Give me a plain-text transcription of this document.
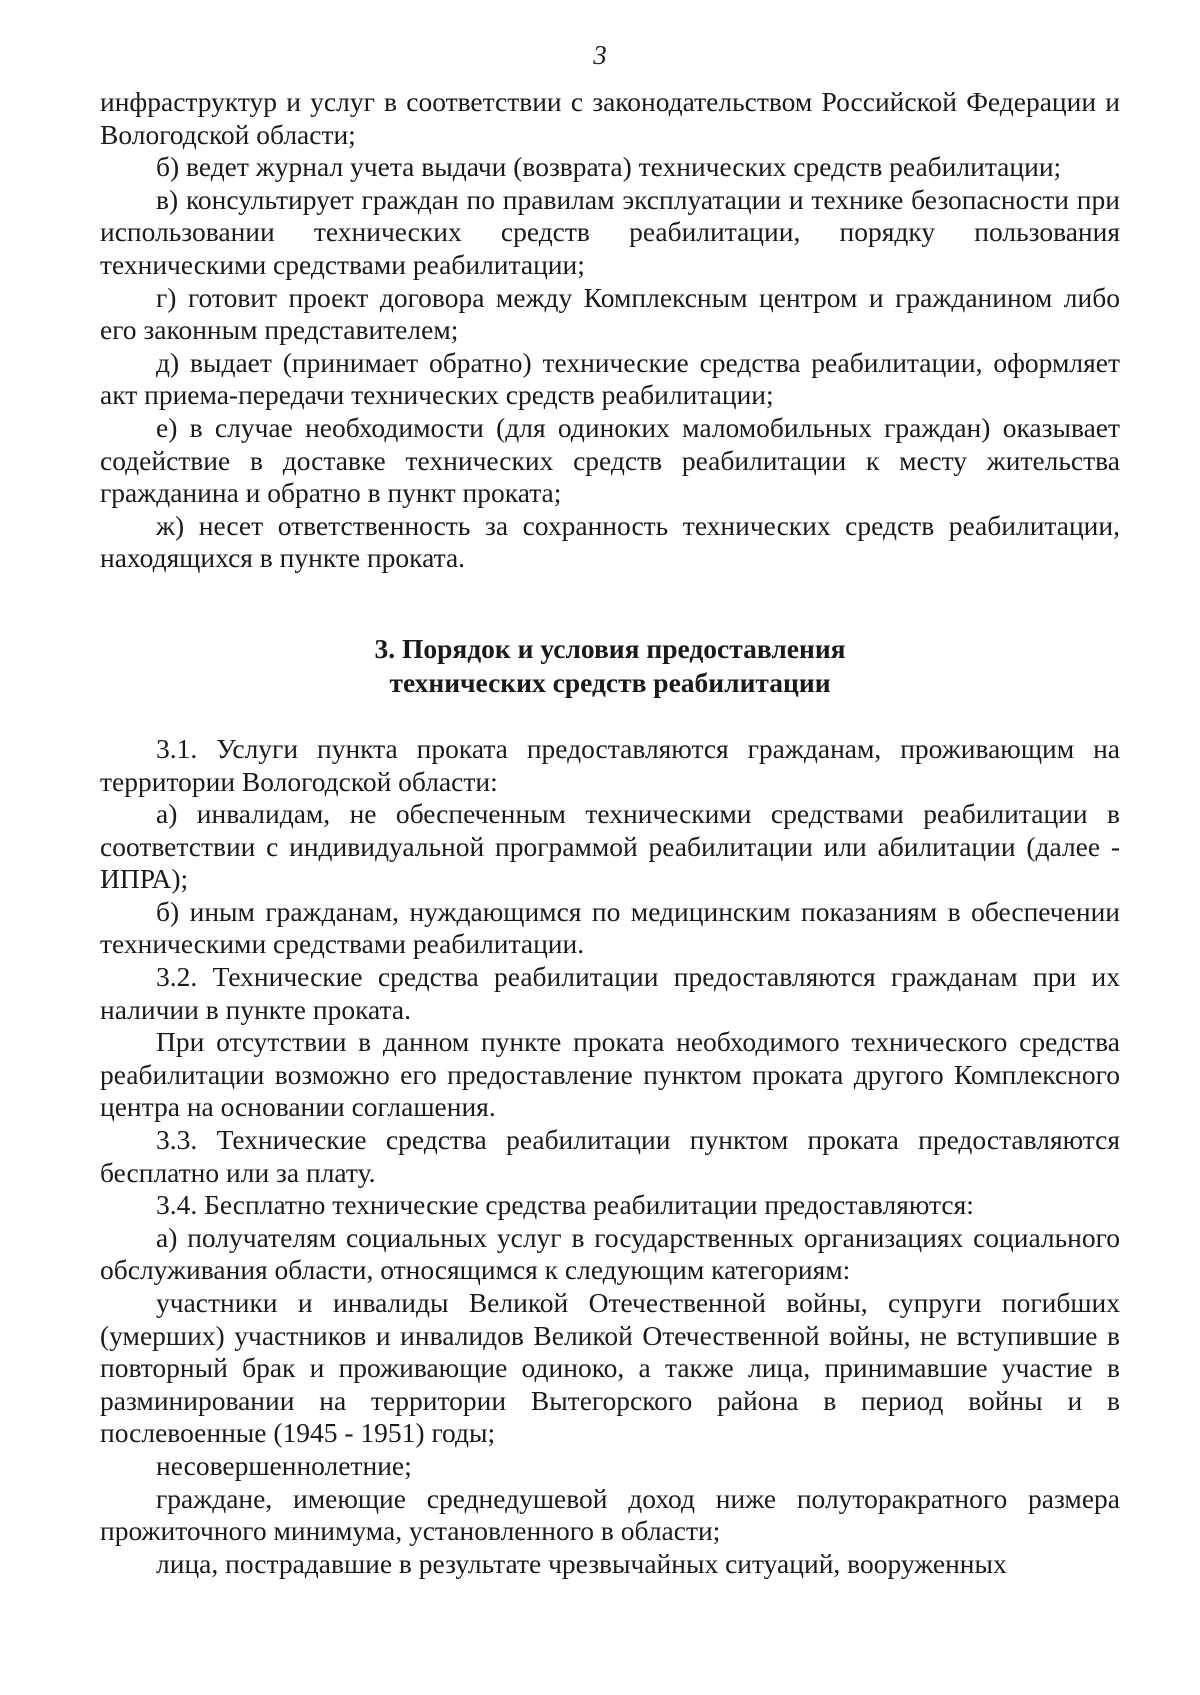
3

инфраструктур и услуг в соответствии с законодательством Российской Федерации и Вологодской области;

б) ведет журнал учета выдачи (возврата) технических средств реабилитации;

в) консультирует граждан по правилам эксплуатации и технике безопасности при использовании технических средств реабилитации, порядку пользования техническими средствами реабилитации;

г) готовит проект договора между Комплексным центром и гражданином либо его законным представителем;

д) выдает (принимает обратно) технические средства реабилитации, оформляет акт приема-передачи технических средств реабилитации;

е) в случае необходимости (для одиноких маломобильных граждан) оказывает содействие в доставке технических средств реабилитации к месту жительства гражданина и обратно в пункт проката;

ж) несет ответственность за сохранность технических средств реабилитации, находящихся в пункте проката.

3. Порядок и условия предоставления

технических средств реабилитации

3.1. Услуги пункта проката предоставляются гражданам, проживающим на территории Вологодской области:

а) инвалидам, не обеспеченным техническими средствами реабилитации в соответствии с индивидуальной программой реабилитации или абилитации (далее - ИПРА);

б) иным гражданам, нуждающимся по медицинским показаниям в обеспечении техническими средствами реабилитации.

3.2. Технические средства реабилитации предоставляются гражданам при их наличии в пункте проката.

При отсутствии в данном пункте проката необходимого технического средства реабилитации возможно его предоставление пунктом проката другого Комплексного центра на основании соглашения.

3.3. Технические средства реабилитации пунктом проката предоставляются бесплатно или за плату.

3.4. Бесплатно технические средства реабилитации предоставляются:

а) получателям социальных услуг в государственных организациях социального обслуживания области, относящимся к следующим категориям:

участники и инвалиды Великой Отечественной войны, супруги погибших (умерших) участников и инвалидов Великой Отечественной войны, не вступившие в повторный брак и проживающие одиноко, а также лица, принимавшие участие в разминировании на территории Вытегорского района в период войны и в послевоенные (1945 - 1951) годы;

несовершеннолетние;

граждане, имеющие среднедушевой доход ниже полуторакратного размера прожиточного минимума, установленного в области;

лица, пострадавшие в результате чрезвычайных ситуаций, вооруженных
